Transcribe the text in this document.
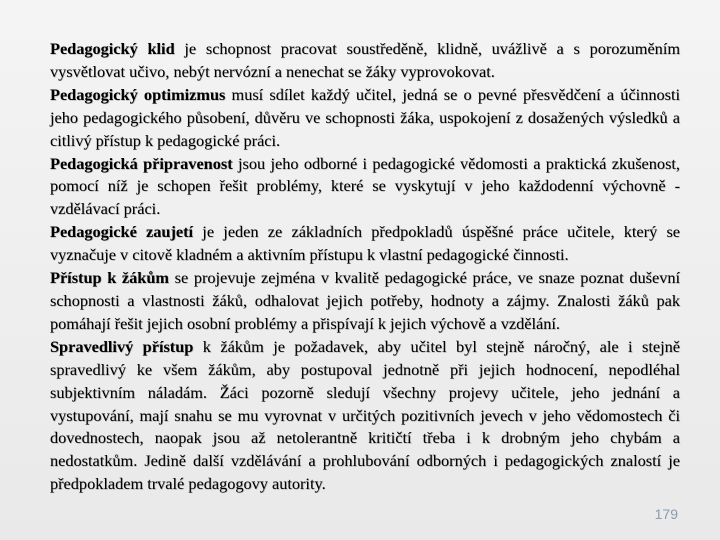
Pedagogický klid je schopnost pracovat soustředěně, klidně, uvážlivě a s porozuměním vysvětlovat učivo, nebýt nervózní a nenechat se žáky vyprovokovat.

Pedagogický optimizmus musí sdílet každý učitel, jedná se o pevné přesvědčení a účinnosti jeho pedagogického působení, důvěru ve schopnosti žáka, uspokojení z dosažených výsledků a citlivý přístup k pedagogické práci.

Pedagogická připravenost jsou jeho odborné i pedagogické vědomosti a praktická zkušenost, pomocí níž je schopen řešit problémy, které se vyskytují v jeho každodenní výchovně - vzdělávací práci.

Pedagogické zaujetí je jeden ze základních předpokladů úspěšné práce učitele, který se vyznačuje v citově kladném a aktivním přístupu k vlastní pedagogické činnosti.

Přístup k žákům se projevuje zejména v kvalitě pedagogické práce, ve snaze poznat duševní schopnosti a vlastnosti žáků, odhalovat jejich potřeby, hodnoty a zájmy. Znalosti žáků pak pomáhají řešit jejich osobní problémy a přispívají k jejich výchově a vzdělání.

Spravedlivý přístup k žákům je požadavek, aby učitel byl stejně náročný, ale i stejně spravedlivý ke všem žákům, aby postupoval jednotně při jejich hodnocení, nepodléhal subjektivním náladám. Žáci pozorně sledují všechny projevy učitele, jeho jednání a vystupování, mají snahu se mu vyrovnat v určitých pozitivních jevech v jeho vědomostech či dovednostech, naopak jsou až netolerantně kritičtí třeba i k drobným jeho chybám a nedostatkům. Jedině další vzdělávání a prohlubování odborných i pedagogických znalostí je předpokladem trvalé pedagogovy autority.

179
